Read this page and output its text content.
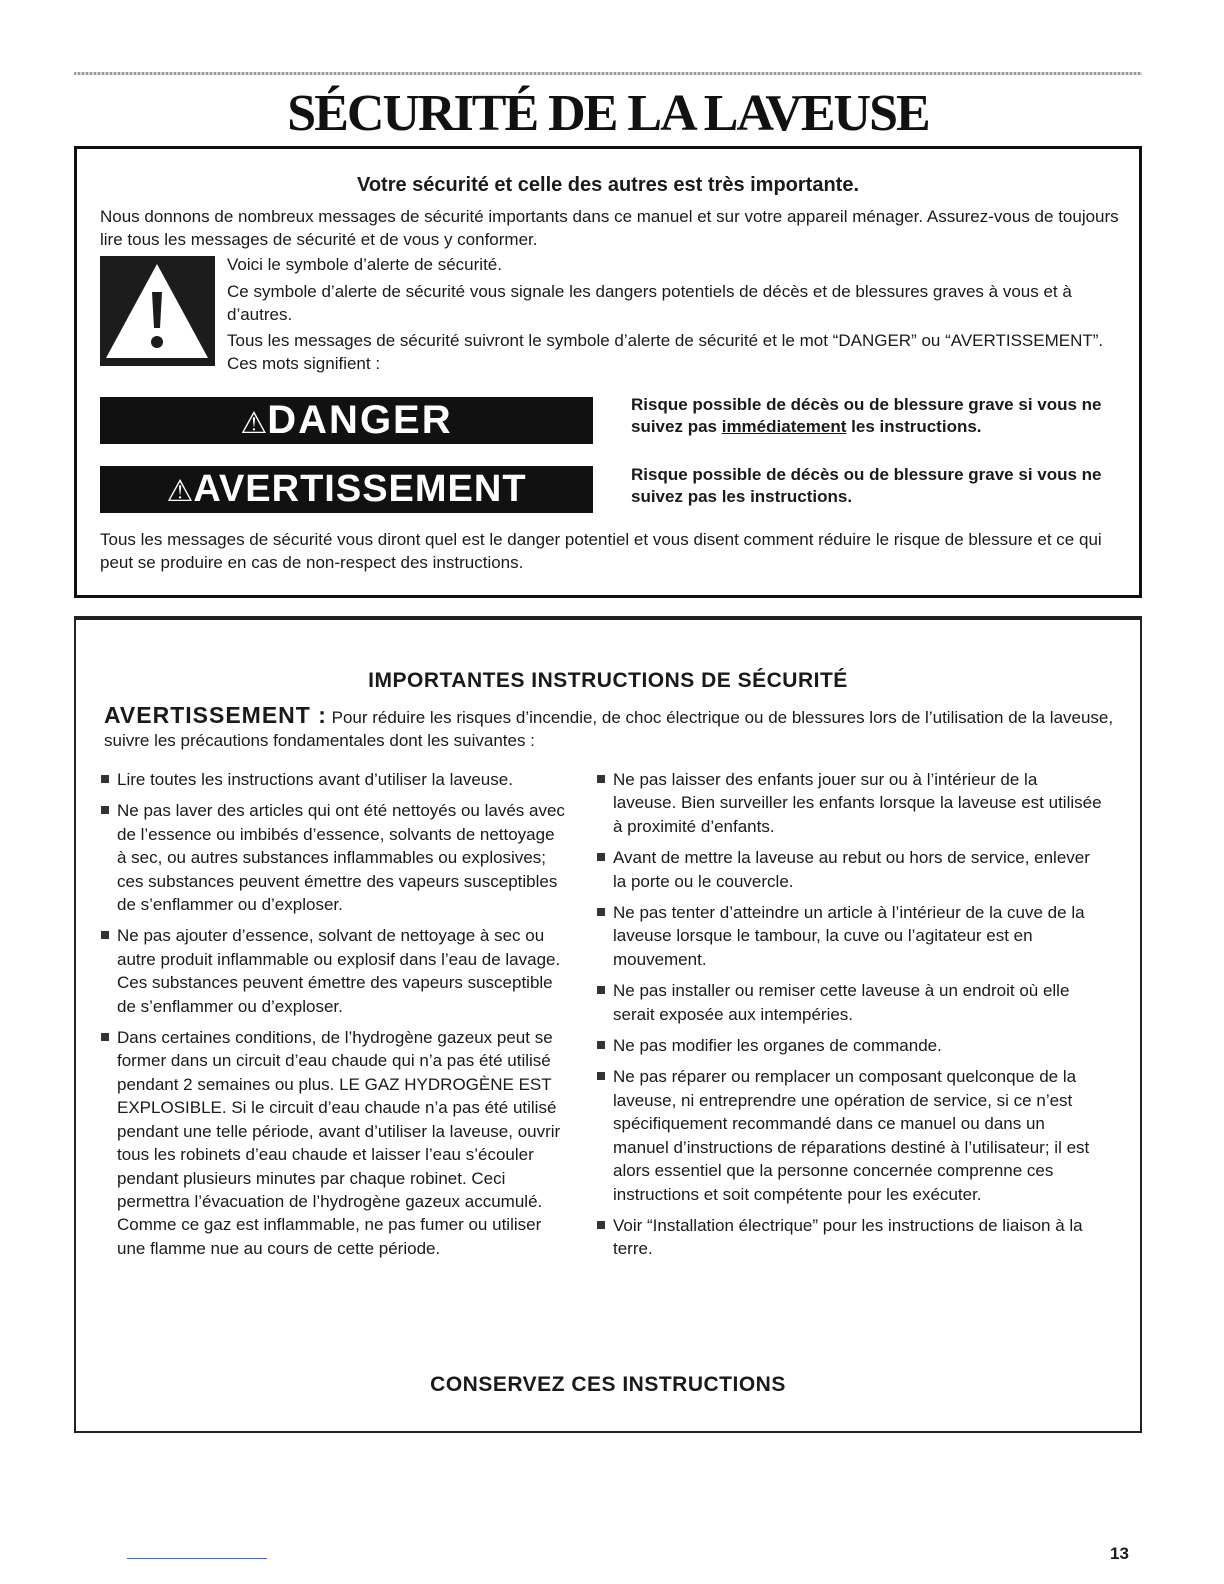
SÉCURITÉ DE LA LAVEUSE
Votre sécurité et celle des autres est très importante.
Nous donnons de nombreux messages de sécurité importants dans ce manuel et sur votre appareil ménager. Assurez-vous de toujours lire tous les messages de sécurité et de vous y conformer.

Voici le symbole d’alerte de sécurité.

Ce symbole d’alerte de sécurité vous signale les dangers potentiels de décès et de blessures graves à vous et à d’autres.

Tous les messages de sécurité suivront le symbole d’alerte de sécurité et le mot “DANGER” ou “AVERTISSEMENT”. Ces mots signifient :

⚠DANGER	Risque possible de décès ou de blessure grave si vous ne suivez pas immédiatement les instructions.
⚠AVERTISSEMENT	Risque possible de décès ou de blessure grave si vous ne suivez pas les instructions.
Tous les messages de sécurité vous diront quel est le danger potentiel et vous disent comment réduire le risque de blessure et ce qui peut se produire en cas de non-respect des instructions.
IMPORTANTES INSTRUCTIONS DE SÉCURITÉ
AVERTISSEMENT : Pour réduire les risques d’incendie, de choc électrique ou de blessures lors de l’utilisation de la laveuse, suivre les précautions fondamentales dont les suivantes :
Lire toutes les instructions avant d’utiliser la laveuse.
Ne pas laver des articles qui ont été nettoyés ou lavés avec de l’essence ou imbibés d’essence, solvants de nettoyage à sec, ou autres substances inflammables ou explosives; ces substances peuvent émettre des vapeurs susceptibles de s’enflammer ou d’exploser.
Ne pas ajouter d’essence, solvant de nettoyage à sec ou autre produit inflammable ou explosif dans l’eau de lavage. Ces substances peuvent émettre des vapeurs susceptible de s’enflammer ou d’exploser.
Dans certaines conditions, de l’hydrogène gazeux peut se former dans un circuit d’eau chaude qui n’a pas été utilisé pendant 2 semaines ou plus. LE GAZ HYDROGÈNE EST EXPLOSIBLE. Si le circuit d’eau chaude n’a pas été utilisé pendant une telle période, avant d’utiliser la laveuse, ouvrir tous les robinets d’eau chaude et laisser l’eau s’écouler pendant plusieurs minutes par chaque robinet. Ceci permettra l’évacuation de l’hydrogène gazeux accumulé. Comme ce gaz est inflammable, ne pas fumer ou utiliser une flamme nue au cours de cette période.
Ne pas laisser des enfants jouer sur ou à l’intérieur de la laveuse. Bien surveiller les enfants lorsque la laveuse est utilisée à proximité d’enfants.
Avant de mettre la laveuse au rebut ou hors de service, enlever la porte ou le couvercle.
Ne pas tenter d’atteindre un article à l’intérieur de la cuve de la laveuse lorsque le tambour, la cuve ou l’agitateur est en mouvement.
Ne pas installer ou remiser cette laveuse à un endroit où elle serait exposée aux intempéries.
Ne pas modifier les organes de commande.
Ne pas réparer ou remplacer un composant quelconque de la laveuse, ni entreprendre une opération de service, si ce n’est spécifiquement recommandé dans ce manuel ou dans un manuel d’instructions de réparations destiné à l’utilisateur; il est alors essentiel que la personne concernée comprenne ces instructions et soit compétente pour les exécuter.
Voir “Installation électrique” pour les instructions de liaison à la terre.
CONSERVEZ CES INSTRUCTIONS
13
